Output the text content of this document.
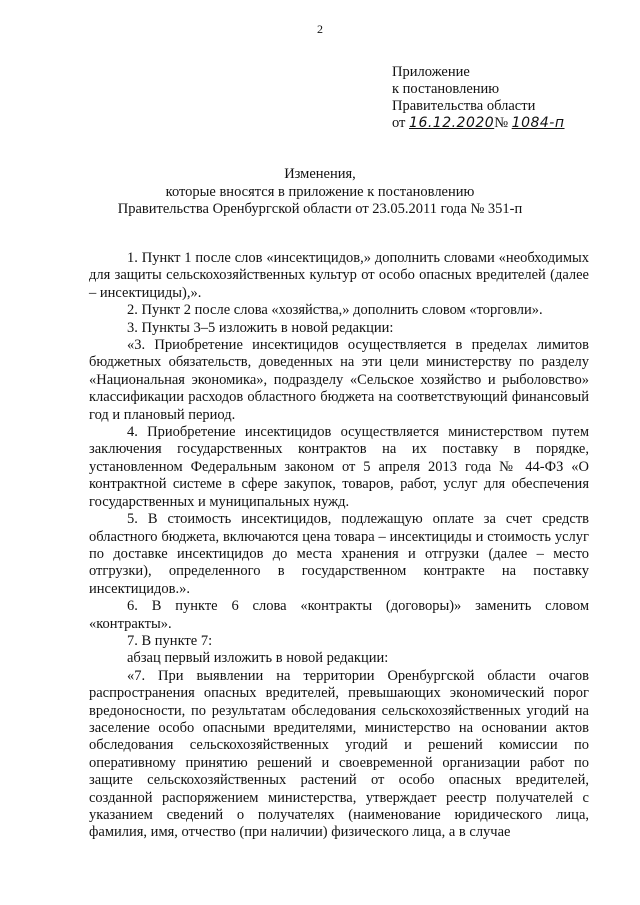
2
Приложение
к постановлению
Правительства области
от 16.12.2020№ 1084-п
Изменения,
которые вносятся в приложение к постановлению
Правительства Оренбургской области от 23.05.2011 года № 351-п

1. Пункт 1 после слов «инсектицидов,» дополнить словами «необходимых для защиты сельскохозяйственных культур от особо опасных вредителей (далее – инсектициды),».

2. Пункт 2 после слова «хозяйства,» дополнить словом «торговли».

3. Пункты 3–5 изложить в новой редакции:

«3. Приобретение инсектицидов осуществляется в пределах лимитов бюджетных обязательств, доведенных на эти цели министерству по разделу «Национальная экономика», подразделу «Сельское хозяйство и рыболовство» классификации расходов областного бюджета на соответствующий финансовый год и плановый период.

4. Приобретение инсектицидов осуществляется министерством путем заключения государственных контрактов на их поставку в порядке, установленном Федеральным законом от 5 апреля 2013 года № 44-ФЗ «О контрактной системе в сфере закупок, товаров, работ, услуг для обеспечения государственных и муниципальных нужд.

5. В стоимость инсектицидов, подлежащую оплате за счет средств областного бюджета, включаются цена товара – инсектициды и стоимость услуг по доставке инсектицидов до места хранения и отгрузки (далее – место отгрузки), определенного в государственном контракте на поставку инсектицидов.».

6. В пункте 6 слова «контракты (договоры)» заменить словом «контракты».

7. В пункте 7:

абзац первый изложить в новой редакции:

«7. При выявлении на территории Оренбургской области очагов распространения опасных вредителей, превышающих экономический порог вредоносности, по результатам обследования сельскохозяйственных угодий на заселение особо опасными вредителями, министерство на основании актов обследования сельскохозяйственных угодий и решений комиссии по оперативному принятию решений и своевременной организации работ по защите сельскохозяйственных растений от особо опасных вредителей, созданной распоряжением министерства, утверждает реестр получателей с указанием сведений о получателях (наименование юридического лица, фамилия, имя, отчество (при наличии) физического лица, а в случае
